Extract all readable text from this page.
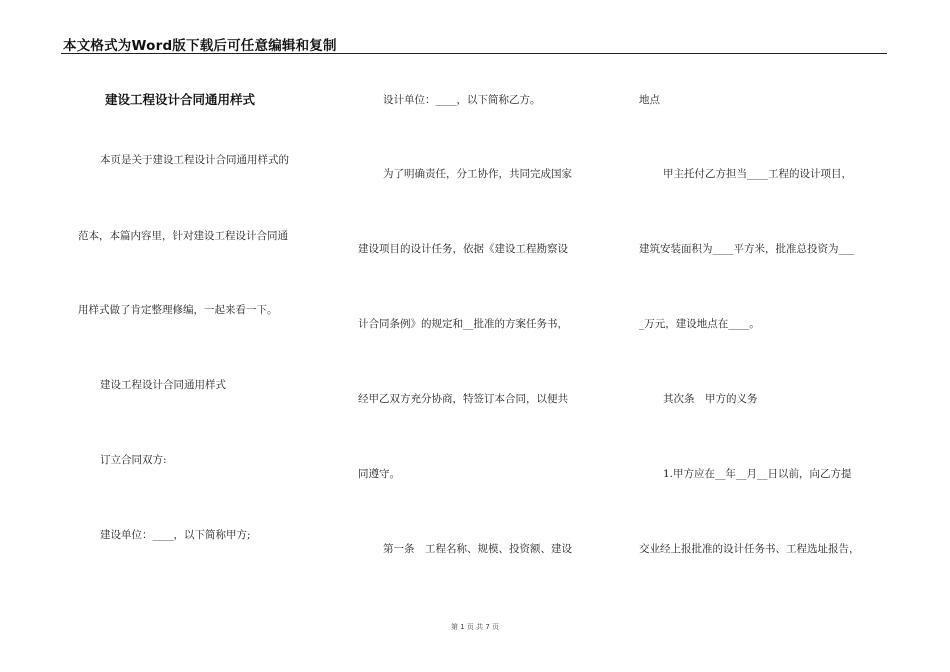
本文格式为Word版下载后可任意编辑和复制
建设工程设计合同通用样式
本页是关于建设工程设计合同通用样式的
范本，本篇内容里，针对建设工程设计合同通
用样式做了肯定整理修编，一起来看一下。
建设工程设计合同通用样式
订立合同双方:
建设单位：____，以下简称甲方;
设计单位：____，以下简称乙方。
为了明确责任，分工协作，共同完成国家
建设项目的设计任务，依据《建设工程勘察设
计合同条例》的规定和__批准的方案任务书，
经甲乙双方充分协商，特签订本合同，以便共
同遵守。
第一条　工程名称、规模、投资额、建设
地点
甲主托付乙方担当____工程的设计项目，
建筑安装面积为____平方米，批准总投资为___
_万元，建设地点在____。
其次条　甲方的义务
1.甲方应在__年__月__日以前，向乙方提
交业经上报批准的设计任务书、工程选址报告，
第 1 页 共 7 页
